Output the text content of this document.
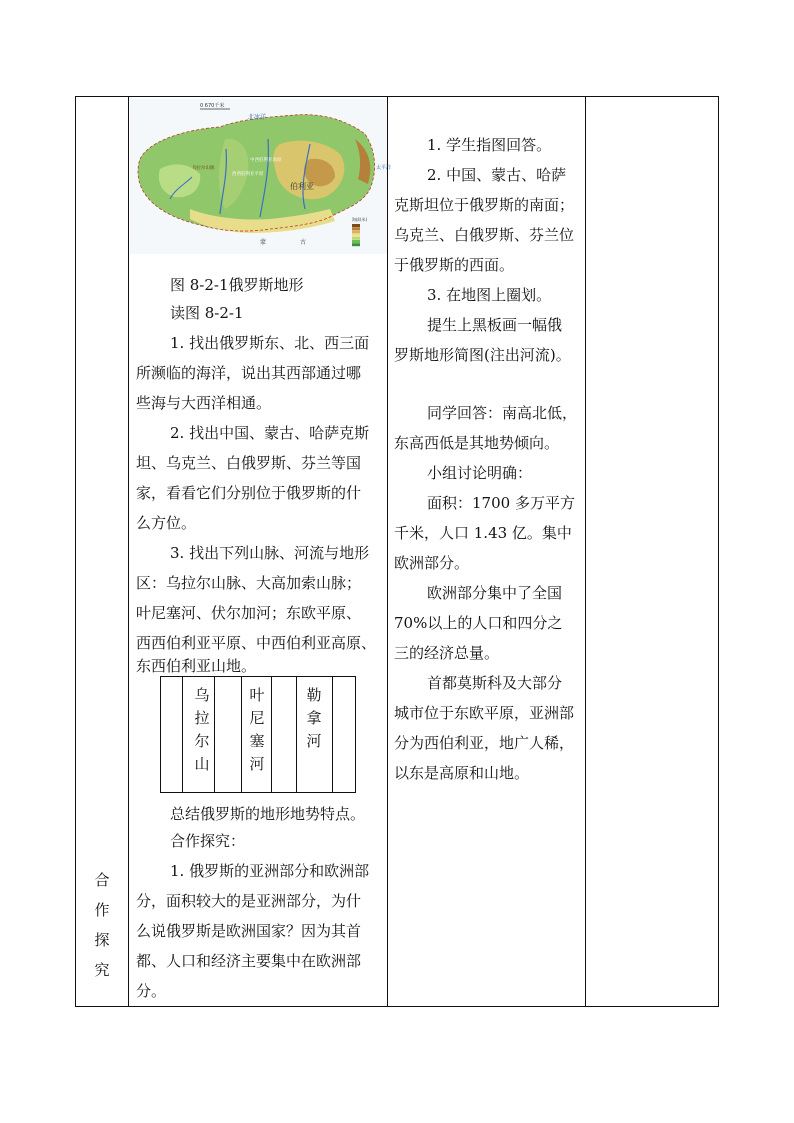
合
作
探
究
0 670千米
北冰洋
西西伯利亚平原
中西伯利亚高原
乌拉尔山脉
伯利亚
太平洋
蒙	古
海拔(米)
图 8-2-1俄罗斯地形
读图 8-2-1
1. 找出俄罗斯东、北、西三面
所濒临的海洋，说出其西部通过哪
些海与大西洋相通。
2. 找出中国、蒙古、哈萨克斯
坦、乌克兰、白俄罗斯、芬兰等国
家，看看它们分别位于俄罗斯的什
么方位。
3. 找出下列山脉、河流与地形
区：乌拉尔山脉、大高加索山脉；
叶尼塞河、伏尔加河；东欧平原、
西西伯利亚平原、中西伯利亚高原、
东西伯利亚山地。
乌
拉
尔
山
叶
尼
塞
河
勒
拿
河
总结俄罗斯的地形地势特点。
合作探究：
1. 俄罗斯的亚洲部分和欧洲部
分，面积较大的是亚洲部分，为什
么说俄罗斯是欧洲国家？因为其首
都、人口和经济主要集中在欧洲部
分。
1. 学生指图回答。
2. 中国、蒙古、哈萨
克斯坦位于俄罗斯的南面；
乌克兰、白俄罗斯、芬兰位
于俄罗斯的西面。
3. 在地图上圈划。
提生上黑板画一幅俄
罗斯地形简图(注出河流)。
同学回答：南高北低，
东高西低是其地势倾向。
小组讨论明确：
面积：1700 多万平方
千米，人口 1.43 亿。集中
欧洲部分。
欧洲部分集中了全国
70%以上的人口和四分之
三的经济总量。
首都莫斯科及大部分
城市位于东欧平原，亚洲部
分为西伯利亚，地广人稀，
以东是高原和山地。
